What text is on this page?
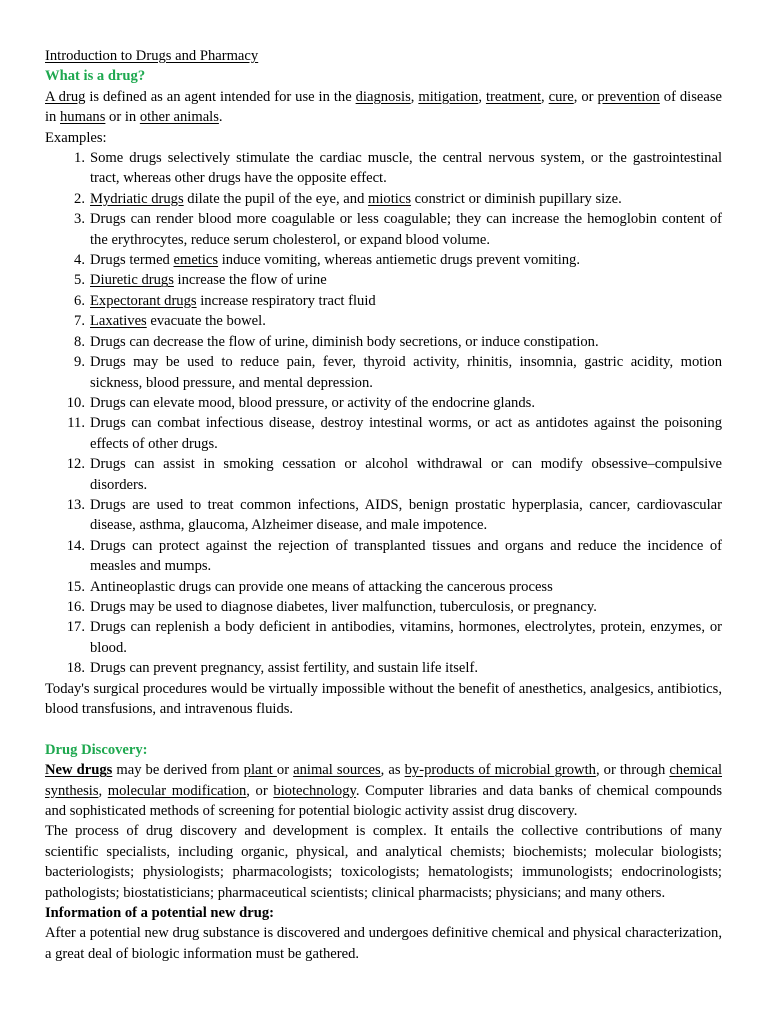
Introduction to Drugs and Pharmacy

What is a drug?

A drug is defined as an agent intended for use in the diagnosis, mitigation, treatment, cure, or prevention of disease in humans or in other animals.

Examples:

1. Some drugs selectively stimulate the cardiac muscle, the central nervous system, or the gastrointestinal tract, whereas other drugs have the opposite effect.
2. Mydriatic drugs dilate the pupil of the eye, and miotics constrict or diminish pupillary size.
3. Drugs can render blood more coagulable or less coagulable; they can increase the hemoglobin content of the erythrocytes, reduce serum cholesterol, or expand blood volume.
4. Drugs termed emetics induce vomiting, whereas antiemetic drugs prevent vomiting.
5. Diuretic drugs increase the flow of urine
6. Expectorant drugs increase respiratory tract fluid
7. Laxatives evacuate the bowel.
8. Drugs can decrease the flow of urine, diminish body secretions, or induce constipation.
9. Drugs may be used to reduce pain, fever, thyroid activity, rhinitis, insomnia, gastric acidity, motion sickness, blood pressure, and mental depression.
10. Drugs can elevate mood, blood pressure, or activity of the endocrine glands.
11. Drugs can combat infectious disease, destroy intestinal worms, or act as antidotes against the poisoning effects of other drugs.
12. Drugs can assist in smoking cessation or alcohol withdrawal or can modify obsessive–compulsive disorders.
13. Drugs are used to treat common infections, AIDS, benign prostatic hyperplasia, cancer, cardiovascular disease, asthma, glaucoma, Alzheimer disease, and male impotence.
14. Drugs can protect against the rejection of transplanted tissues and organs and reduce the incidence of measles and mumps.
15. Antineoplastic drugs can provide one means of attacking the cancerous process
16. Drugs may be used to diagnose diabetes, liver malfunction, tuberculosis, or pregnancy.
17. Drugs can replenish a body deficient in antibodies, vitamins, hormones, electrolytes, protein, enzymes, or blood.
18. Drugs can prevent pregnancy, assist fertility, and sustain life itself.

Today's surgical procedures would be virtually impossible without the benefit of anesthetics, analgesics, antibiotics, blood transfusions, and intravenous fluids.

Drug Discovery:

New drugs may be derived from plant or animal sources, as by-products of microbial growth, or through chemical synthesis, molecular modification, or biotechnology. Computer libraries and data banks of chemical compounds and sophisticated methods of screening for potential biologic activity assist drug discovery.

The process of drug discovery and development is complex. It entails the collective contributions of many scientific specialists, including organic, physical, and analytical chemists; biochemists; molecular biologists; bacteriologists; physiologists; pharmacologists; toxicologists; hematologists; immunologists; endocrinologists; pathologists; biostatisticians; pharmaceutical scientists; clinical pharmacists; physicians; and many others.

Information of a potential new drug:

After a potential new drug substance is discovered and undergoes definitive chemical and physical characterization, a great deal of biologic information must be gathered.
